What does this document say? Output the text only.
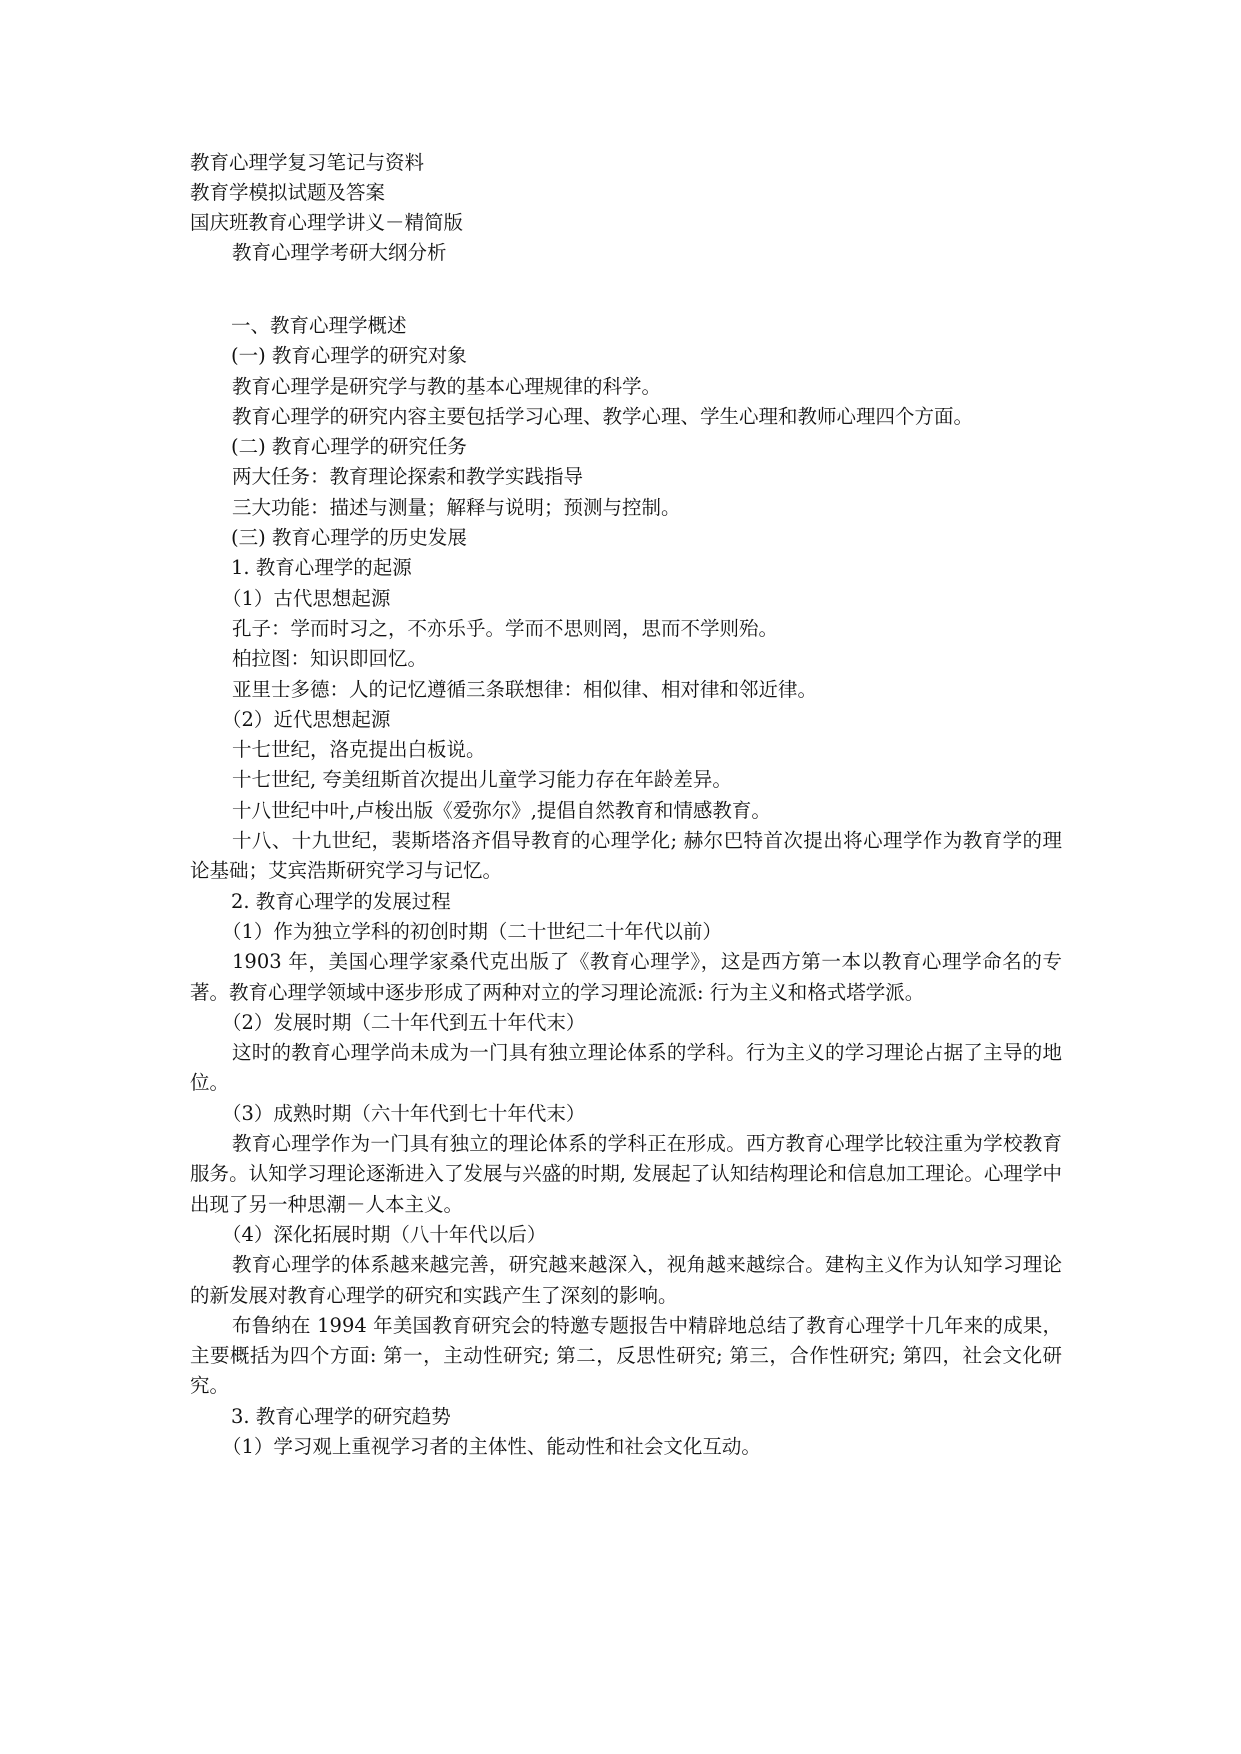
教育心理学复习笔记与资料
教育学模拟试题及答案
国庆班教育心理学讲义－精简版
教育心理学考研大纲分析

一、教育心理学概述

(一) 教育心理学的研究对象

教育心理学是研究学与教的基本心理规律的科学。

教育心理学的研究内容主要包括学习心理、教学心理、学生心理和教师心理四个方面。

(二) 教育心理学的研究任务

两大任务：教育理论探索和教学实践指导

三大功能：描述与测量；解释与说明；预测与控制。

(三) 教育心理学的历史发展

1. 教育心理学的起源

（1）古代思想起源

孔子：学而时习之，不亦乐乎。学而不思则罔，思而不学则殆。

柏拉图：知识即回忆。

亚里士多德：人的记忆遵循三条联想律：相似律、相对律和邻近律。

（2）近代思想起源

十七世纪，洛克提出白板说。

十七世纪, 夸美纽斯首次提出儿童学习能力存在年龄差异。

十八世纪中叶,卢梭出版《爱弥尔》,提倡自然教育和情感教育。

十八、十九世纪，裴斯塔洛齐倡导教育的心理学化; 赫尔巴特首次提出将心理学作为教育学的理论基础；艾宾浩斯研究学习与记忆。

2. 教育心理学的发展过程

（1）作为独立学科的初创时期（二十世纪二十年代以前）

1903 年，美国心理学家桑代克出版了《教育心理学》，这是西方第一本以教育心理学命名的专著。教育心理学领域中逐步形成了两种对立的学习理论流派: 行为主义和格式塔学派。

（2）发展时期（二十年代到五十年代末）

这时的教育心理学尚未成为一门具有独立理论体系的学科。行为主义的学习理论占据了主导的地位。

（3）成熟时期（六十年代到七十年代末）

教育心理学作为一门具有独立的理论体系的学科正在形成。西方教育心理学比较注重为学校教育服务。认知学习理论逐渐进入了发展与兴盛的时期, 发展起了认知结构理论和信息加工理论。心理学中出现了另一种思潮－人本主义。

（4）深化拓展时期（八十年代以后）

教育心理学的体系越来越完善，研究越来越深入，视角越来越综合。建构主义作为认知学习理论的新发展对教育心理学的研究和实践产生了深刻的影响。

布鲁纳在 1994 年美国教育研究会的特邀专题报告中精辟地总结了教育心理学十几年来的成果，主要概括为四个方面: 第一，主动性研究; 第二，反思性研究; 第三，合作性研究; 第四，社会文化研究。

3. 教育心理学的研究趋势

（1）学习观上重视学习者的主体性、能动性和社会文化互动。
